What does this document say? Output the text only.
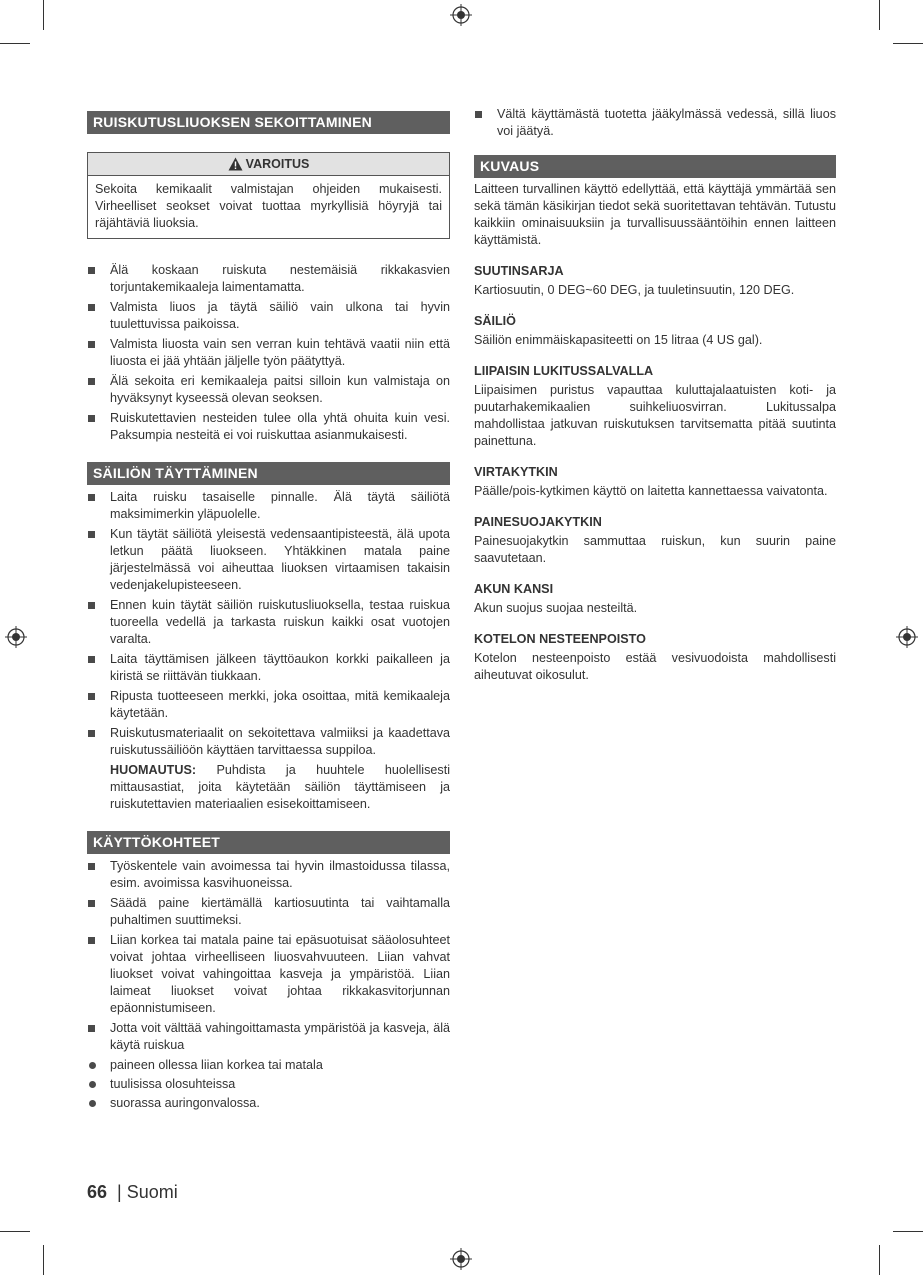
RUISKUTUSLIUOKSEN SEKOITTAMINEN
VAROITUS
Sekoita kemikaalit valmistajan ohjeiden mukaisesti. Virheelliset seokset voivat tuottaa myrkyllisiä höyryjä tai räjähtäviä liuoksia.
Älä koskaan ruiskuta nestemäisiä rikkakasvien torjuntakemikaaleja laimentamatta.
Valmista liuos ja täytä säiliö vain ulkona tai hyvin tuulettuvissa paikoissa.
Valmista liuosta vain sen verran kuin tehtävä vaatii niin että liuosta ei jää yhtään jäljelle työn päätyttyä.
Älä sekoita eri kemikaaleja paitsi silloin kun valmistaja on hyväksynyt kyseessä olevan seoksen.
Ruiskutettavien nesteiden tulee olla yhtä ohuita kuin vesi. Paksumpia nesteitä ei voi ruiskuttaa asianmukaisesti.
SÄILIÖN TÄYTTÄMINEN
Laita ruisku tasaiselle pinnalle. Älä täytä säiliötä maksimimerkin yläpuolelle.
Kun täytät säiliötä yleisestä vedensaantipisteestä, älä upota letkun päätä liuokseen. Yhtäkkinen matala paine järjestelmässä voi aiheuttaa liuoksen virtaamisen takaisin vedenjakelupisteeseen.
Ennen kuin täytät säiliön ruiskutusliuoksella, testaa ruiskua tuoreella vedellä ja tarkasta ruiskun kaikki osat vuotojen varalta.
Laita täyttämisen jälkeen täyttöaukon korkki paikalleen ja kiristä se riittävän tiukkaan.
Ripusta tuotteeseen merkki, joka osoittaa, mitä kemikaaleja käytetään.
Ruiskutusmateriaalit on sekoitettava valmiiksi ja kaadettava ruiskutussäiliöön käyttäen tarvittaessa suppiloa.

HUOMAUTUS: Puhdista ja huuhtele huolellisesti mittausastiat, joita käytetään säiliön täyttämiseen ja ruiskutettavien materiaalien esisekoittamiseen.

KÄYTTÖKOHTEET
Työskentele vain avoimessa tai hyvin ilmastoidussa tilassa, esim. avoimissa kasvihuoneissa.
Säädä paine kiertämällä kartiosuutinta tai vaihtamalla puhaltimen suuttimeksi.
Liian korkea tai matala paine tai epäsuotuisat sääolosuhteet voivat johtaa virheelliseen liuosvahvuuteen. Liian vahvat liuokset voivat vahingoittaa kasveja ja ympäristöä. Liian laimeat liuokset voivat johtaa rikkakasvitorjunnan epäonnistumiseen.
Jotta voit välttää vahingoittamasta ympäristöä ja kasveja, älä käytä ruiskua
paineen ollessa liian korkea tai matala
tuulisissa olosuhteissa
suorassa auringonvalossa.
Vältä käyttämästä tuotetta jääkylmässä vedessä, sillä liuos voi jäätyä.
KUVAUS

Laitteen turvallinen käyttö edellyttää, että käyttäjä ymmärtää sen sekä tämän käsikirjan tiedot sekä suoritettavan tehtävän. Tutustu kaikkiin ominaisuuksiin ja turvallisuussääntöihin ennen laitteen käyttämistä.

SUUTINSARJA

Kartiosuutin, 0 DEG~60 DEG, ja tuuletinsuutin, 120 DEG.

SÄILIÖ

Säiliön enimmäiskapasiteetti on 15 litraa (4 US gal).

LIIPAISIN LUKITUSSALVALLA

Liipaisimen puristus vapauttaa kuluttajalaatuisten koti- ja puutarhakemikaalien suihkeliuosvirran. Lukitussalpa mahdollistaa jatkuvan ruiskutuksen tarvitsematta pitää suutinta painettuna.

VIRTAKYTKIN

Päälle/pois-kytkimen käyttö on laitetta kannettaessa vaivatonta.

PAINESUOJAKYTKIN

Painesuojakytkin sammuttaa ruiskun, kun suurin paine saavutetaan.

AKUN KANSI

Akun suojus suojaa nesteiltä.

KOTELON NESTEENPOISTO

Kotelon nesteenpoisto estää vesivuodoista mahdollisesti aiheutuvat oikosulut.

66 | Suomi
